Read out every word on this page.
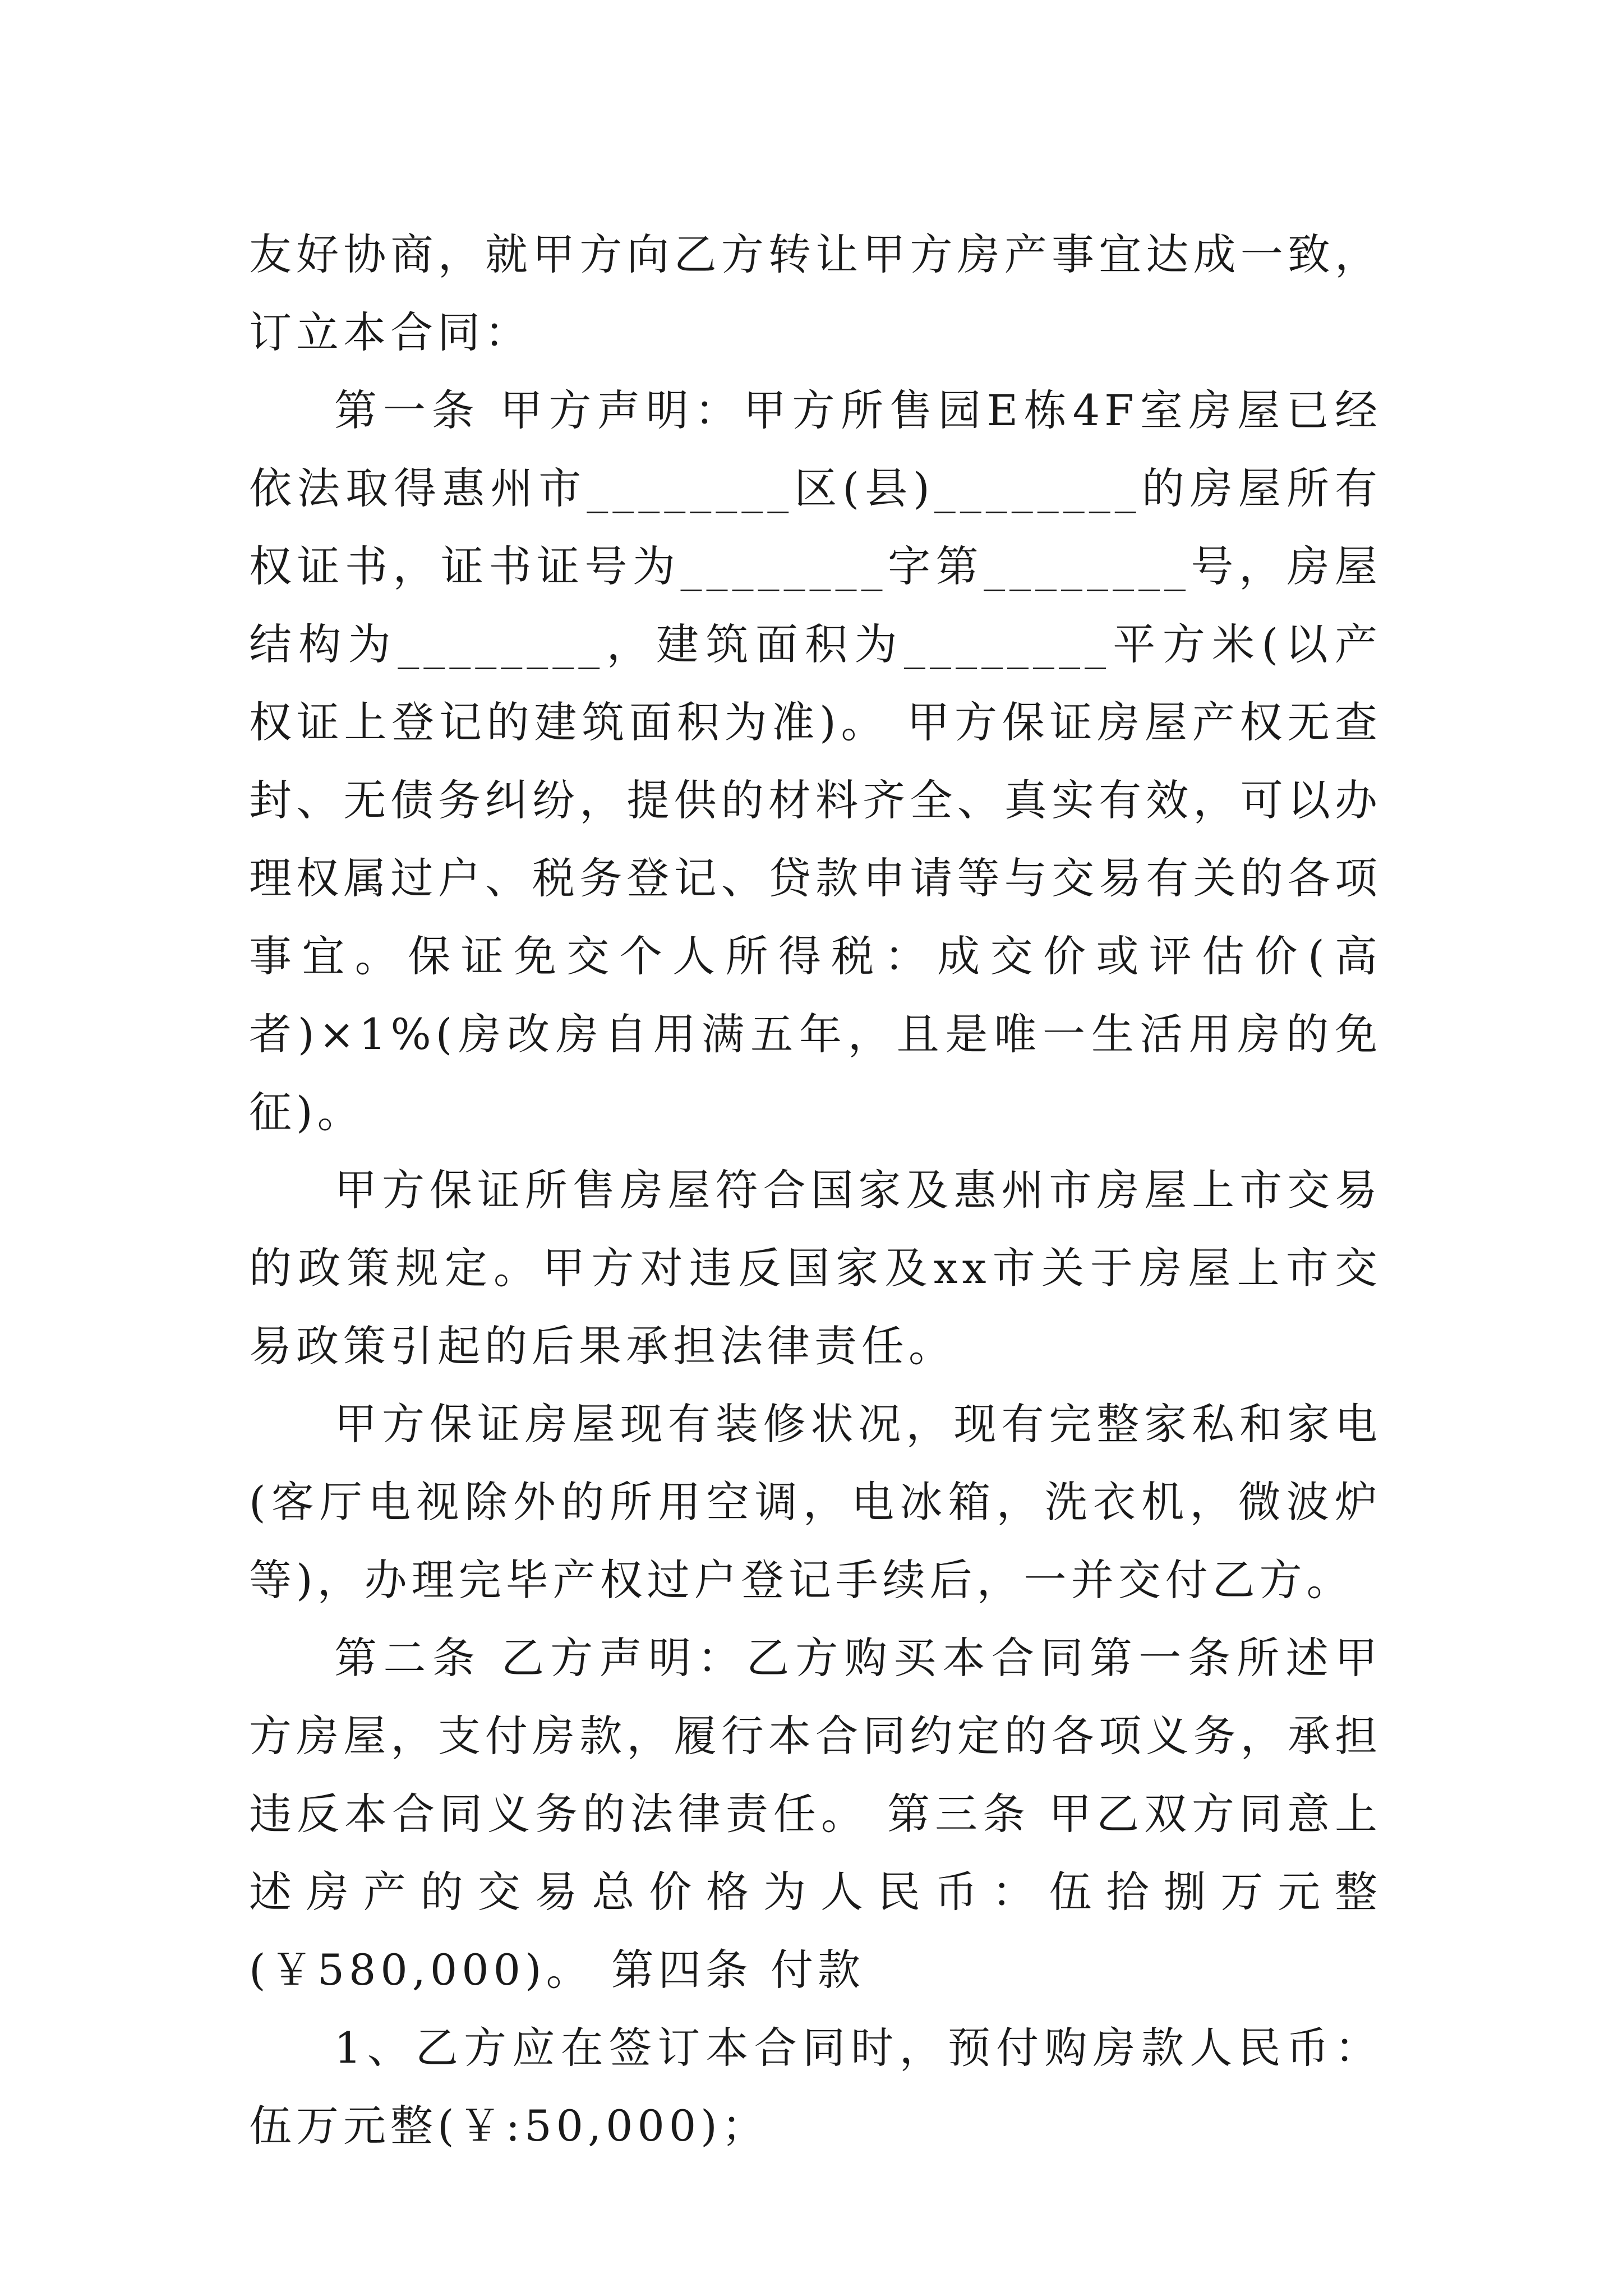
友好协商，就甲方向乙方转让甲方房产事宜达成一致，订立本合同：

第一条 甲方声明：甲方所售园E栋4F室房屋已经依法取得惠州市________区(县)________的房屋所有权证书，证书证号为________字第________号，房屋结构为________，建筑面积为________平方米(以产权证上登记的建筑面积为准)。 甲方保证房屋产权无查封、无债务纠纷，提供的材料齐全、真实有效，可以办理权属过户、税务登记、贷款申请等与交易有关的各项事宜。保证免交个人所得税：成交价或评估价(高者)×1%(房改房自用满五年，且是唯一生活用房的免征)。

甲方保证所售房屋符合国家及惠州市房屋上市交易的政策规定。甲方对违反国家及xx市关于房屋上市交易政策引起的后果承担法律责任。

甲方保证房屋现有装修状况，现有完整家私和家电(客厅电视除外的所用空调，电冰箱，洗衣机，微波炉等)，办理完毕产权过户登记手续后，一并交付乙方。

第二条 乙方声明：乙方购买本合同第一条所述甲方房屋，支付房款，履行本合同约定的各项义务，承担违反本合同义务的法律责任。 第三条 甲乙双方同意上述房产的交易总价格为人民币：伍拾捌万元整(￥580,000)。 第四条 付款

1、乙方应在签订本合同时，预付购房款人民币：伍万元整(￥:50,000)；
